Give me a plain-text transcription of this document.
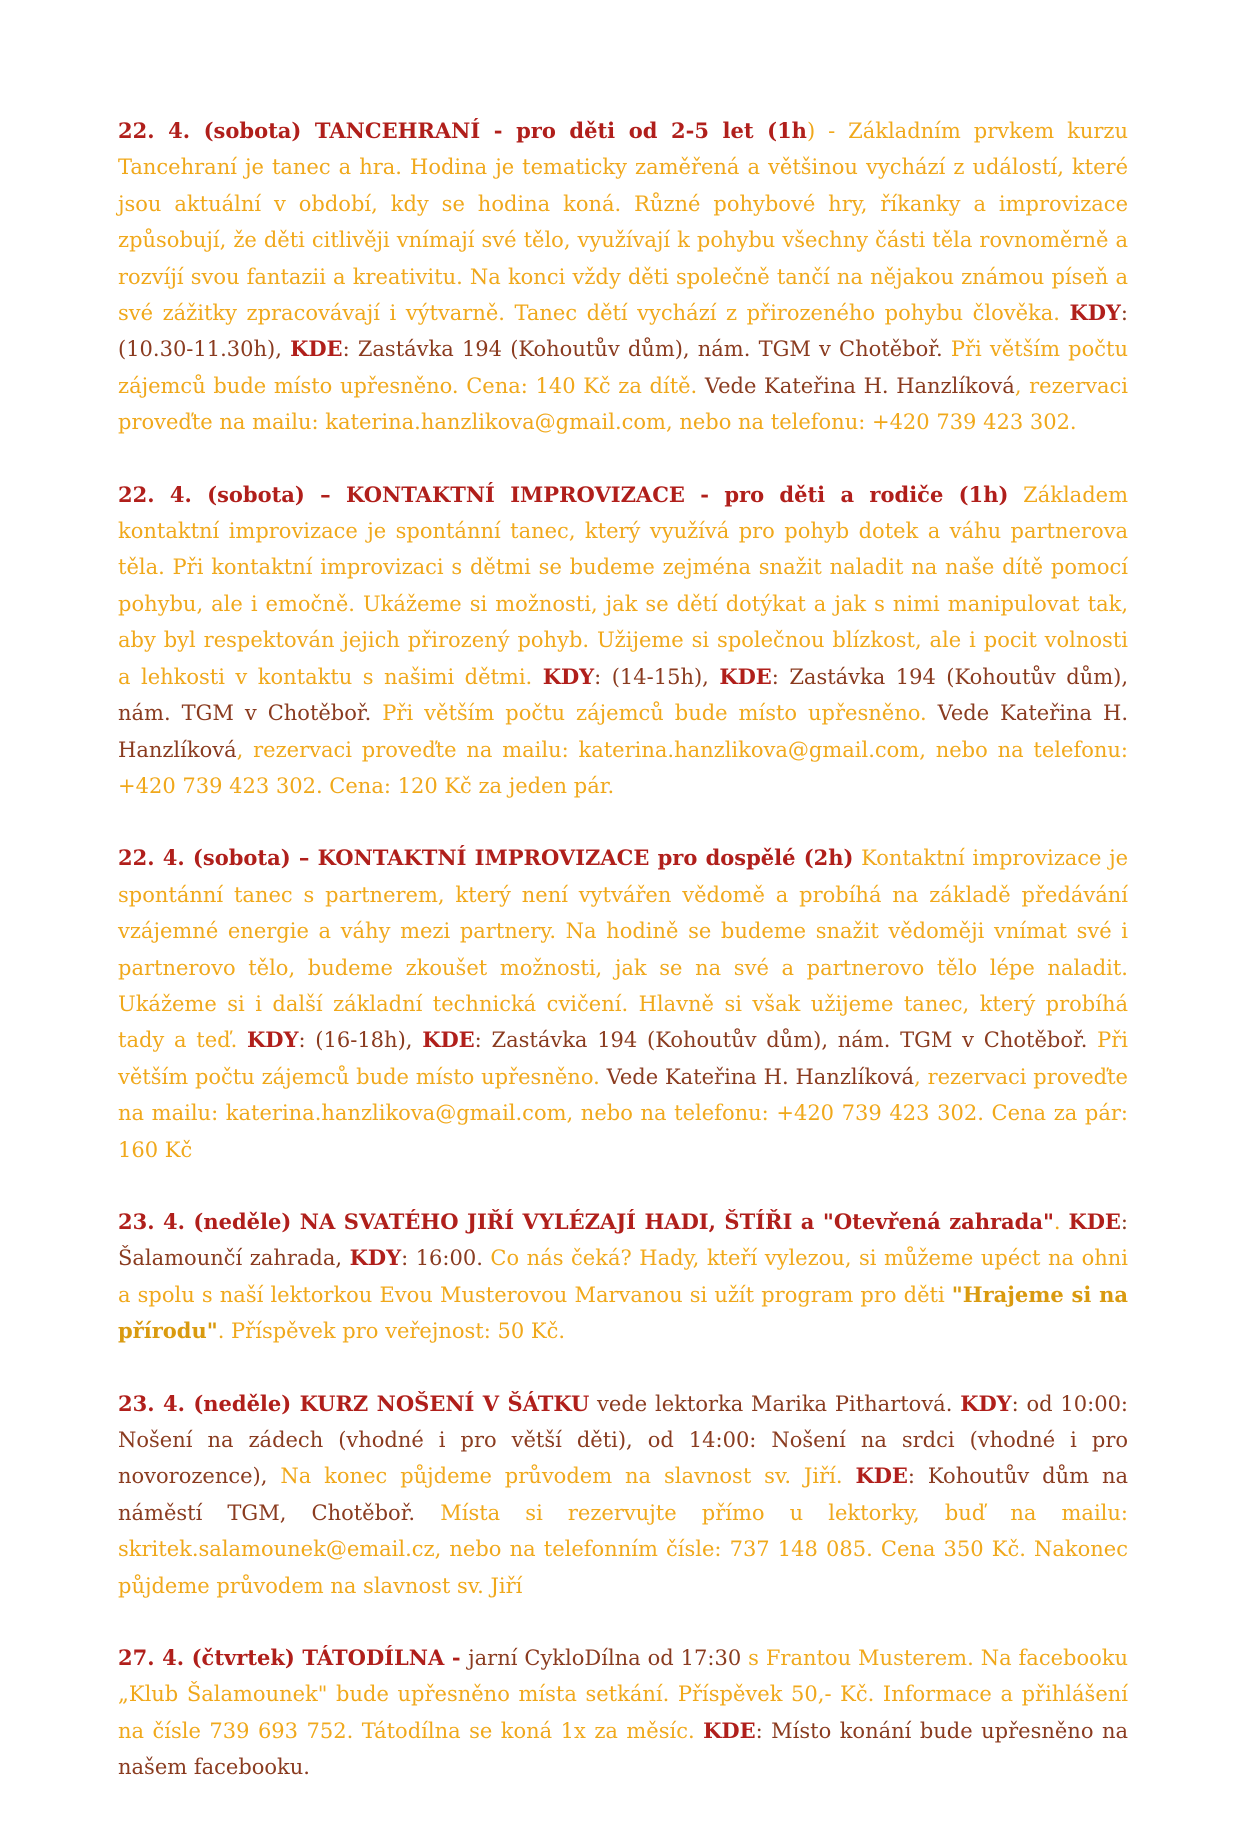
22. 4. (sobota) TANCEHRANÍ - pro děti od 2-5 let (1h) - Základním prvkem kurzu Tancehraní je tanec a hra. Hodina je tematicky zaměřená a většinou vychází z událostí, které jsou aktuální v období, kdy se hodina koná. Různé pohybové hry, říkanky a improvizace způsobují, že děti citlivěji vnímají své tělo, využívají k pohybu všechny části těla rovnoměrně a rozvíjí svou fantazii a kreativitu. Na konci vždy děti společně tančí na nějakou známou píseň a své zážitky zpracovávají i výtvarně. Tanec dětí vychází z přirozeného pohybu člověka. KDY: (10.30-11.30h), KDE: Zastávka 194 (Kohoutův dům), nám. TGM v Chotěboř. Při větším počtu zájemců bude místo upřesněno. Cena: 140 Kč za dítě. Vede Kateřina H. Hanzlíková, rezervaci proveďte na mailu: katerina.hanzlikova@gmail.com, nebo na telefonu: +420 739 423 302.

22. 4. (sobota) – KONTAKTNÍ IMPROVIZACE - pro děti a rodiče (1h) Základem kontaktní improvizace je spontánní tanec, který využívá pro pohyb dotek a váhu partnerova těla. Při kontaktní improvizaci s dětmi se budeme zejména snažit naladit na naše dítě pomocí pohybu, ale i emočně. Ukážeme si možnosti, jak se dětí dotýkat a jak s nimi manipulovat tak, aby byl respektován jejich přirozený pohyb. Užijeme si společnou blízkost, ale i pocit volnosti a lehkosti v kontaktu s našimi dětmi. KDY: (14-15h), KDE: Zastávka 194 (Kohoutův dům), nám. TGM v Chotěboř. Při větším počtu zájemců bude místo upřesněno. Vede Kateřina H. Hanzlíková, rezervaci proveďte na mailu: katerina.hanzlikova@gmail.com, nebo na telefonu: +420 739 423 302. Cena: 120 Kč za jeden pár.

22. 4. (sobota) – KONTAKTNÍ IMPROVIZACE pro dospělé (2h) Kontaktní improvizace je spontánní tanec s partnerem, který není vytvářen vědomě a probíhá na základě předávání vzájemné energie a váhy mezi partnery. Na hodině se budeme snažit vědoměji vnímat své i partnerovo tělo, budeme zkoušet možnosti, jak se na své a partnerovo tělo lépe naladit. Ukážeme si i další základní technická cvičení. Hlavně si však užijeme tanec, který probíhá tady a teď. KDY: (16-18h), KDE: Zastávka 194 (Kohoutův dům), nám. TGM v Chotěboř. Při větším počtu zájemců bude místo upřesněno. Vede Kateřina H. Hanzlíková, rezervaci proveďte na mailu: katerina.hanzlikova@gmail.com, nebo na telefonu: +420 739 423 302. Cena za pár: 160 Kč

23. 4. (neděle) NA SVATÉHO JIŘÍ VYLÉZAJÍ HADI, ŠTÍŘI a "Otevřená zahrada". KDE: Šalamounčí zahrada, KDY: 16:00. Co nás čeká? Hady, kteří vylezou, si můžeme upéct na ohni a spolu s naší lektorkou Evou Musterovou Marvanou si užít program pro děti "Hrajeme si na přírodu". Příspěvek pro veřejnost: 50 Kč.

23. 4. (neděle) KURZ NOŠENÍ V ŠÁTKU vede lektorka Marika Pithartová. KDY: od 10:00: Nošení na zádech (vhodné i pro větší děti), od 14:00: Nošení na srdci (vhodné i pro novorozence), Na konec půjdeme průvodem na slavnost sv. Jiří. KDE: Kohoutův dům na náměstí TGM, Chotěboř. Místa si rezervujte přímo u lektorky, buď na mailu: skritek.salamounek@email.cz, nebo na telefonním čísle: 737 148 085. Cena 350 Kč. Nakonec půjdeme průvodem na slavnost sv. Jiří

27. 4. (čtvrtek) TÁTODÍLNA - jarní CykloDílna od 17:30 s Frantou Musterem. Na facebooku „Klub Šalamounek" bude upřesněno místa setkání. Příspěvek 50,- Kč. Informace a přihlášení na čísle 739 693 752. Tátodílna se koná 1x za měsíc. KDE: Místo konání bude upřesněno na našem facebooku.
